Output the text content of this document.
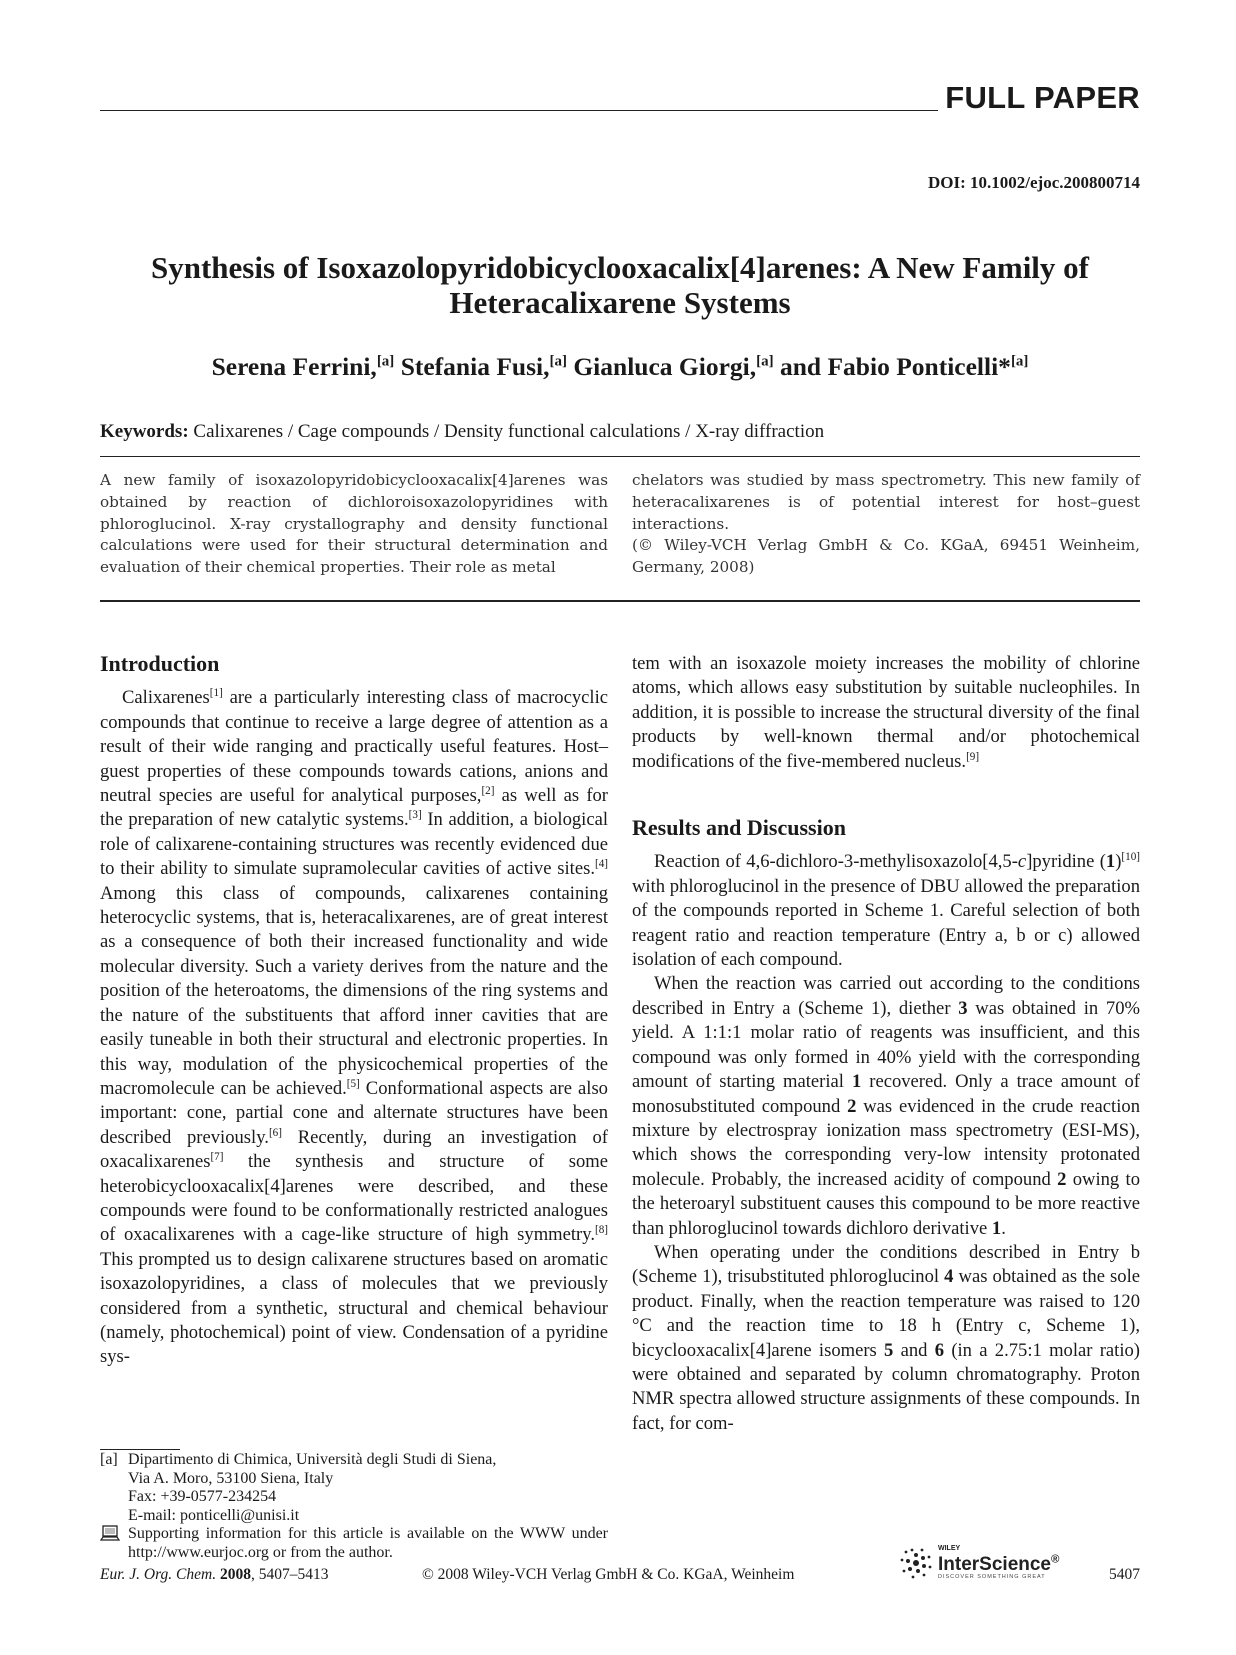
FULL PAPER
DOI: 10.1002/ejoc.200800714
Synthesis of Isoxazolopyridobicyclooxacalix[4]arenes: A New Family of
Heteracalixarene Systems
Serena Ferrini,[a] Stefania Fusi,[a] Gianluca Giorgi,[a] and Fabio Ponticelli*[a]
Keywords: Calixarenes / Cage compounds / Density functional calculations / X-ray diffraction
A new family of isoxazolopyridobicyclooxacalix[4]arenes was obtained by reaction of dichloroisoxazolopyridines with phloroglucinol. X-ray crystallography and density functional calculations were used for their structural determination and evaluation of their chemical properties. Their role as metal
chelators was studied by mass spectrometry. This new family of heteracalixarenes is of potential interest for host–guest interactions.
(© Wiley-VCH Verlag GmbH & Co. KGaA, 69451 Weinheim, Germany, 2008)
Introduction

Calixarenes[1] are a particularly interesting class of macrocyclic compounds that continue to receive a large degree of attention as a result of their wide ranging and practically useful features. Host–guest properties of these compounds towards cations, anions and neutral species are useful for analytical purposes,[2] as well as for the preparation of new catalytic systems.[3] In addition, a biological role of calixarene-containing structures was recently evidenced due to their ability to simulate supramolecular cavities of active sites.[4] Among this class of compounds, calixarenes containing heterocyclic systems, that is, heteracalixarenes, are of great interest as a consequence of both their increased functionality and wide molecular diversity. Such a variety derives from the nature and the position of the heteroatoms, the dimensions of the ring systems and the nature of the substituents that afford inner cavities that are easily tuneable in both their structural and electronic properties. In this way, modulation of the physicochemical properties of the macromolecule can be achieved.[5] Conformational aspects are also important: cone, partial cone and alternate structures have been described previously.[6] Recently, during an investigation of oxacalixarenes[7] the synthesis and structure of some heterobicyclooxacalix[4]arenes were described, and these compounds were found to be conformationally restricted analogues of oxacalixarenes with a cage-like structure of high symmetry.[8] This prompted us to design calixarene structures based on aromatic isoxazolopyridines, a class of molecules that we previously considered from a synthetic, structural and chemical behaviour (namely, photochemical) point of view. Condensation of a pyridine sys-

tem with an isoxazole moiety increases the mobility of chlorine atoms, which allows easy substitution by suitable nucleophiles. In addition, it is possible to increase the structural diversity of the final products by well-known thermal and/or photochemical modifications of the five-membered nucleus.[9]

Results and Discussion

Reaction of 4,6-dichloro-3-methylisoxazolo[4,5-c]pyridine (1)[10] with phloroglucinol in the presence of DBU allowed the preparation of the compounds reported in Scheme 1. Careful selection of both reagent ratio and reaction temperature (Entry a, b or c) allowed isolation of each compound.

When the reaction was carried out according to the conditions described in Entry a (Scheme 1), diether 3 was obtained in 70% yield. A 1:1:1 molar ratio of reagents was insufficient, and this compound was only formed in 40% yield with the corresponding amount of starting material 1 recovered. Only a trace amount of monosubstituted compound 2 was evidenced in the crude reaction mixture by electrospray ionization mass spectrometry (ESI-MS), which shows the corresponding very-low intensity protonated molecule. Probably, the increased acidity of compound 2 owing to the heteroaryl substituent causes this compound to be more reactive than phloroglucinol towards dichloro derivative 1.

When operating under the conditions described in Entry b (Scheme 1), trisubstituted phloroglucinol 4 was obtained as the sole product. Finally, when the reaction temperature was raised to 120 °C and the reaction time to 18 h (Entry c, Scheme 1), bicyclooxacalix[4]arene isomers 5 and 6 (in a 2.75:1 molar ratio) were obtained and separated by column chromatography. Proton NMR spectra allowed structure assignments of these compounds. In fact, for com-

[a] Dipartimento di Chimica, Università degli Studi di Siena,
Via A. Moro, 53100 Siena, Italy
Fax: +39-0577-234254
E-mail: ponticelli@unisi.it
Supporting information for this article is available on the WWW under http://www.eurjoc.org or from the author.
Eur. J. Org. Chem. 2008, 5407–5413	© 2008 Wiley-VCH Verlag GmbH & Co. KGaA, Weinheim
WILEY
InterScience®
DISCOVER SOMETHING GREAT	5407
